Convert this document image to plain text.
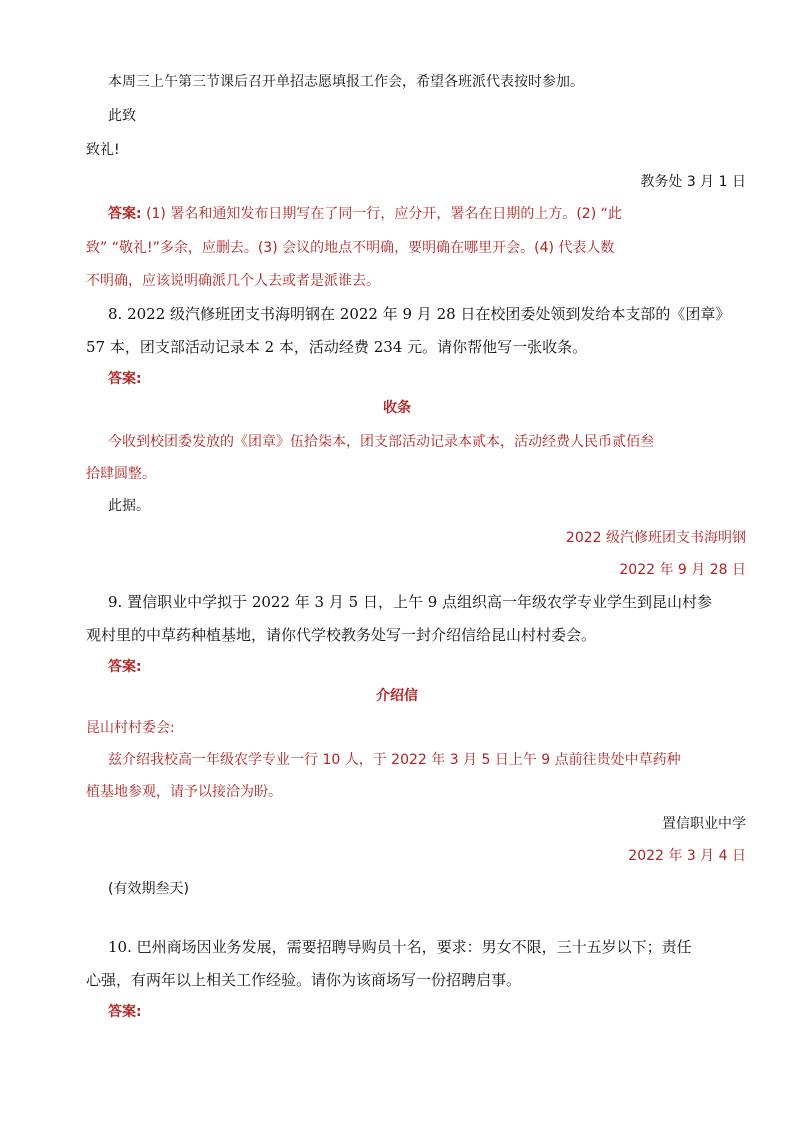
本周三上午第三节课后召开单招志愿填报工作会，希望各班派代表按时参加。
此致
致礼!
教务处 3 月 1 日
答案: (1) 署名和通知发布日期写在了同一行，应分开，署名在日期的上方。(2) “此
致” “敬礼!”多余，应删去。(3) 会议的地点不明确，要明确在哪里开会。(4) 代表人数
不明确，应该说明确派几个人去或者是派谁去。
8. 2022 级汽修班团支书海明钢在 2022 年 9 月 28 日在校团委处领到发给本支部的《团章》
57 本，团支部活动记录本 2 本，活动经费 234 元。请你帮他写一张收条。
答案:
收条
今收到校团委发放的《团章》伍拾柒本，团支部活动记录本贰本，活动经费人民币贰佰叁
拾肆圆整。
此据。
2022 级汽修班团支书海明钢
2022 年 9 月 28 日
9. 置信职业中学拟于 2022 年 3 月 5 日，上午 9 点组织高一年级农学专业学生到昆山村参
观村里的中草药种植基地，请你代学校教务处写一封介绍信给昆山村村委会。
答案:
介绍信
昆山村村委会:
兹介绍我校高一年级农学专业一行 10 人，于 2022 年 3 月 5 日上午 9 点前往贵处中草药种
植基地参观，请予以接洽为盼。
置信职业中学
2022 年 3 月 4 日
(有效期叁天)
10. 巴州商场因业务发展，需要招聘导购员十名，要求：男女不限，三十五岁以下；责任
心强，有两年以上相关工作经验。请你为该商场写一份招聘启事。
答案:
